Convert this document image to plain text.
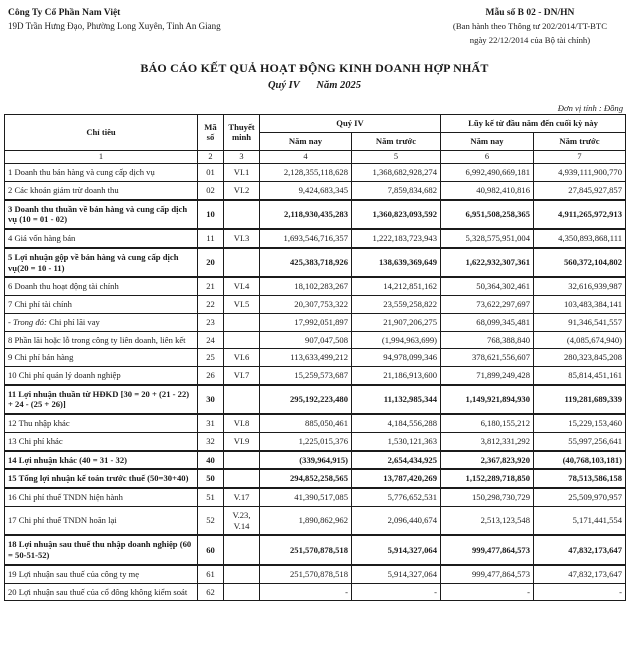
Công Ty Cổ Phần Nam Việt
19D Trần Hưng Đạo, Phường Long Xuyên, Tỉnh An Giang
Mẫu số B 02 - DN/HN
(Ban hành theo Thông tư 202/2014/TT-BTC
ngày 22/12/2014 của Bộ tài chính)
BÁO CÁO KẾT QUẢ HOẠT ĐỘNG KINH DOANH HỢP NHẤT
Quý IV Năm 2025
Đơn vị tính : Đồng
Chỉ tiêu	Mã số	Thuyết minh	Quý IV		Lũy kế từ đầu năm đến cuối kỳ này	
			Năm nay	Năm trước	Năm nay	Năm trước
1	2	3	4	5	6	7
1 Doanh thu bán hàng và cung cấp dịch vụ	01	VI.1	2,128,355,118,628	1,368,682,928,274	6,992,490,669,181	4,939,111,900,770
2 Các khoản giảm trừ doanh thu	02	VI.2	9,424,683,345	7,859,834,682	40,982,410,816	27,845,927,857
3 Doanh thu thuần về bán hàng và cung cấp dịch vụ (10 = 01 - 02)	10		2,118,930,435,283	1,360,823,093,592	6,951,508,258,365	4,911,265,972,913
4 Giá vốn hàng bán	11	VI.3	1,693,546,716,357	1,222,183,723,943	5,328,575,951,004	4,350,893,868,111
5 Lợi nhuận gộp về bán hàng và cung cấp dịch vụ(20 = 10 - 11)	20		425,383,718,926	138,639,369,649	1,622,932,307,361	560,372,104,802
6 Doanh thu hoạt động tài chính	21	VI.4	18,102,283,267	14,212,851,162	50,364,302,461	32,616,939,987
7 Chi phí tài chính	22	VI.5	20,307,753,322	23,559,258,822	73,622,297,697	103,483,384,141
- Trong đó: Chi phí lãi vay	23		17,992,051,897	21,907,206,275	68,099,345,481	91,346,541,557
8 Phần lãi hoặc lỗ trong công ty liên doanh, liên kết	24		907,047,508	(1,994,963,699)	768,388,840	(4,085,674,940)
9 Chi phí bán hàng	25	VI.6	113,633,499,212	94,978,099,346	378,621,556,607	280,323,845,208
10 Chi phí quản lý doanh nghiệp	26	VI.7	15,259,573,687	21,186,913,600	71,899,249,428	85,814,451,161
11 Lợi nhuận thuần từ HĐKD [30 = 20 + (21 - 22) + 24 - (25 + 26)]	30		295,192,223,480	11,132,985,344	1,149,921,894,930	119,281,689,339
12 Thu nhập khác	31	VI.8	885,050,461	4,184,556,288	6,180,155,212	15,229,153,460
13 Chi phí khác	32	VI.9	1,225,015,376	1,530,121,363	3,812,331,292	55,997,256,641
14 Lợi nhuận khác (40 = 31 - 32)	40		(339,964,915)	2,654,434,925	2,367,823,920	(40,768,103,181)
15 Tổng lợi nhuận kế toán trước thuế (50=30+40)	50		294,852,258,565	13,787,420,269	1,152,289,718,850	78,513,586,158
16 Chi phí thuế TNDN hiện hành	51	V.17	41,390,517,085	5,776,652,531	150,298,730,729	25,509,970,957
17 Chi phí thuế TNDN hoãn lại	52	V.23, V.14	1,890,862,962	2,096,440,674	2,513,123,548	5,171,441,554
18 Lợi nhuận sau thuế thu nhập doanh nghiệp (60 = 50-51-52)	60		251,570,878,518	5,914,327,064	999,477,864,573	47,832,173,647
19 Lợi nhuận sau thuế của công ty mẹ	61		251,570,878,518	5,914,327,064	999,477,864,573	47,832,173,647
20 Lợi nhuận sau thuế của cổ đông không kiểm soát	62		-	-	-	-
